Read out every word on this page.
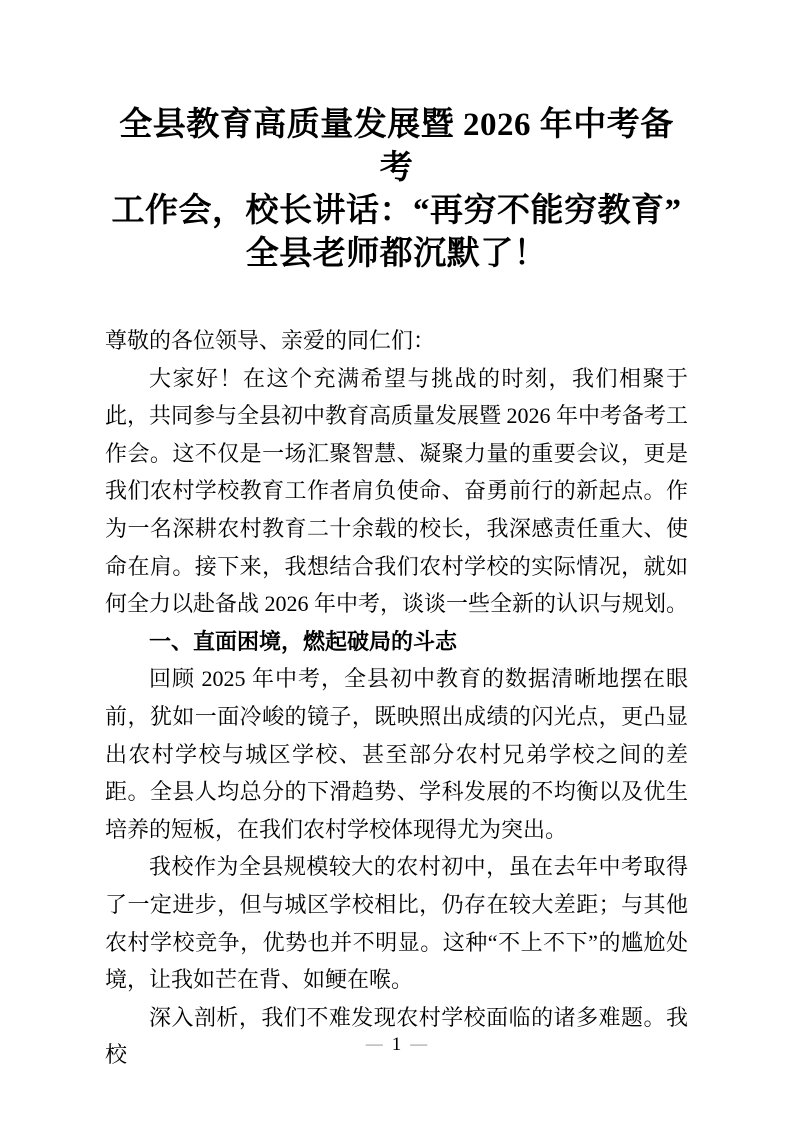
全县教育高质量发展暨 2026 年中考备考
工作会，校长讲话：“再穷不能穷教育”
全县老师都沉默了！

尊敬的各位领导、亲爱的同仁们：

大家好！在这个充满希望与挑战的时刻，我们相聚于此，共同参与全县初中教育高质量发展暨 2026 年中考备考工作会。这不仅是一场汇聚智慧、凝聚力量的重要会议，更是我们农村学校教育工作者肩负使命、奋勇前行的新起点。作为一名深耕农村教育二十余载的校长，我深感责任重大、使命在肩。接下来，我想结合我们农村学校的实际情况，就如何全力以赴备战 2026 年中考，谈谈一些全新的认识与规划。

一、直面困境，燃起破局的斗志

回顾 2025 年中考，全县初中教育的数据清晰地摆在眼前，犹如一面冷峻的镜子，既映照出成绩的闪光点，更凸显出农村学校与城区学校、甚至部分农村兄弟学校之间的差距。全县人均总分的下滑趋势、学科发展的不均衡以及优生培养的短板，在我们农村学校体现得尤为突出。

我校作为全县规模较大的农村初中，虽在去年中考取得了一定进步，但与城区学校相比，仍存在较大差距；与其他农村学校竞争，优势也并不明显。这种“不上不下”的尴尬处境，让我如芒在背、如鲠在喉。

深入剖析，我们不难发现农村学校面临的诸多难题。我校	— 1 —
